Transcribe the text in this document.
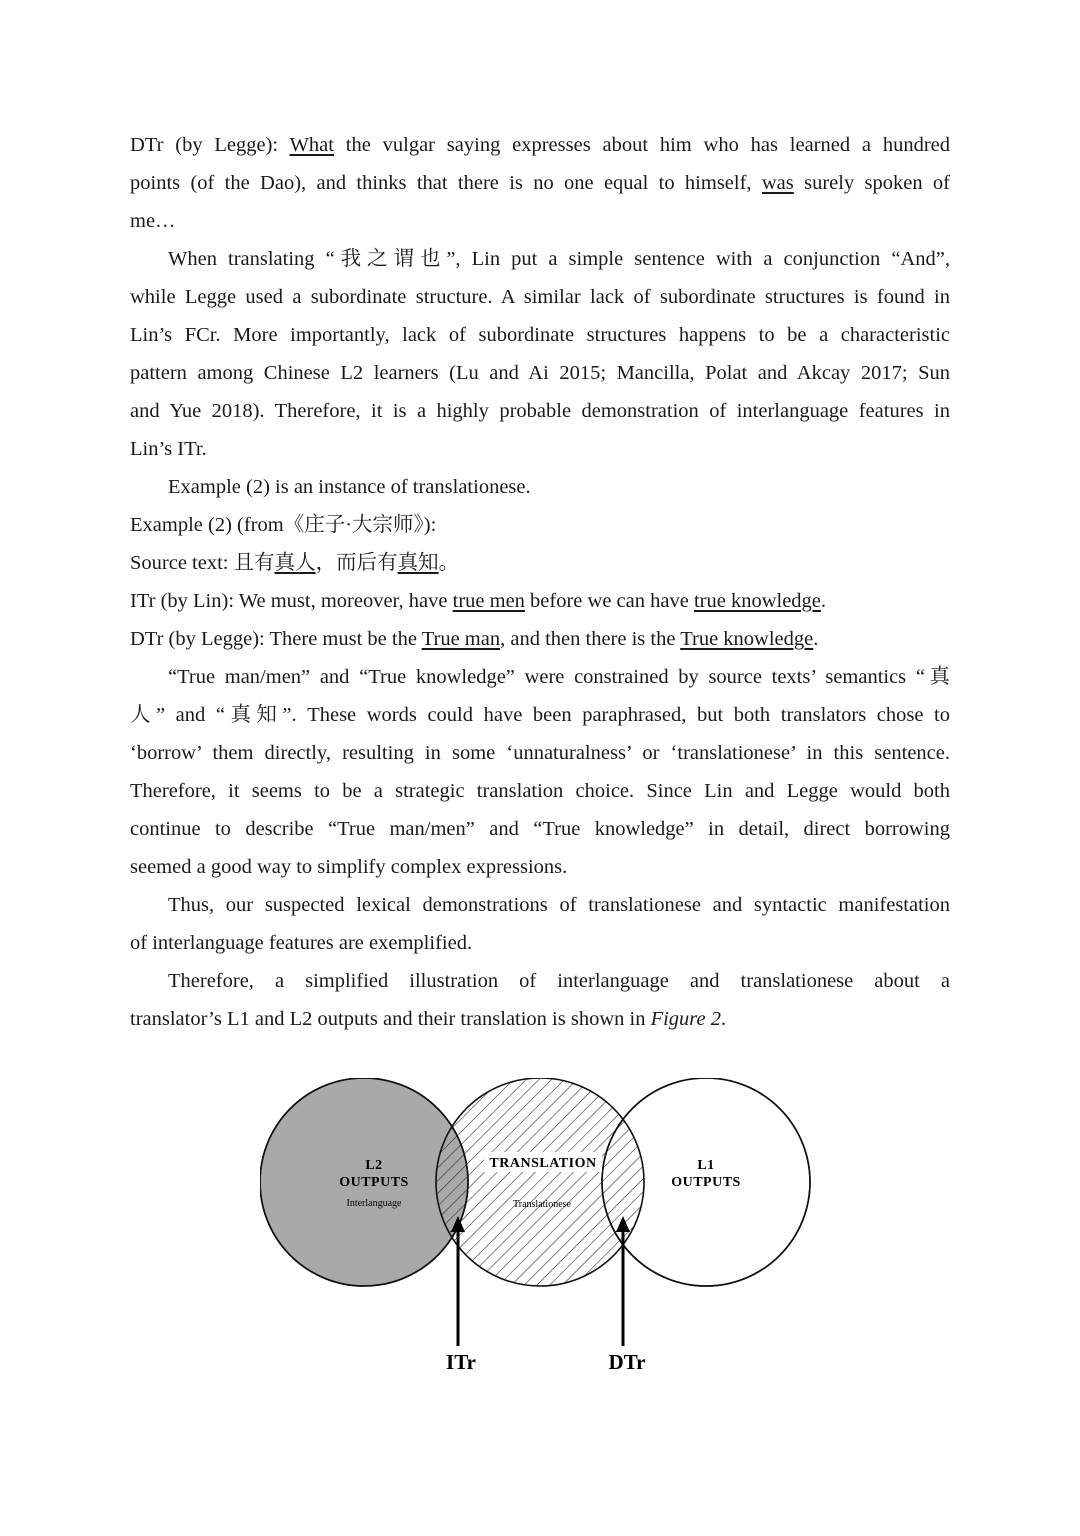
DTr (by Legge): What the vulgar saying expresses about him who has learned a hundred
points (of the Dao), and thinks that there is no one equal to himself, was surely spoken of
me…
When translating “我之谓也”, Lin put a simple sentence with a conjunction “And”,
while Legge used a subordinate structure. A similar lack of subordinate structures is found in
Lin’s FCr. More importantly, lack of subordinate structures happens to be a characteristic
pattern among Chinese L2 learners (Lu and Ai 2015; Mancilla, Polat and Akcay 2017; Sun
and Yue 2018). Therefore, it is a highly probable demonstration of interlanguage features in
Lin’s ITr.
Example (2) is an instance of translationese.
Example (2) (from《庄子·大宗师》):
Source text: 且有真人，而后有真知。
ITr (by Lin): We must, moreover, have true men before we can have true knowledge.
DTr (by Legge): There must be the True man, and then there is the True knowledge.
“True man/men” and “True knowledge” were constrained by source texts’ semantics “真
人” and “真知”. These words could have been paraphrased, but both translators chose to
‘borrow’ them directly, resulting in some ‘unnaturalness’ or ‘translationese’ in this sentence.
Therefore, it seems to be a strategic translation choice. Since Lin and Legge would both
continue to describe “True man/men” and “True knowledge” in detail, direct borrowing
seemed a good way to simplify complex expressions.
Thus, our suspected lexical demonstrations of translationese and syntactic manifestation
of interlanguage features are exemplified.
Therefore, a simplified illustration of interlanguage and translationese about a
translator’s L1 and L2 outputs and their translation is shown in Figure 2.
L2
OUTPUTS
Interlanguage
TRANSLATION
Translationese
L1
OUTPUTS
ITr	DTr
